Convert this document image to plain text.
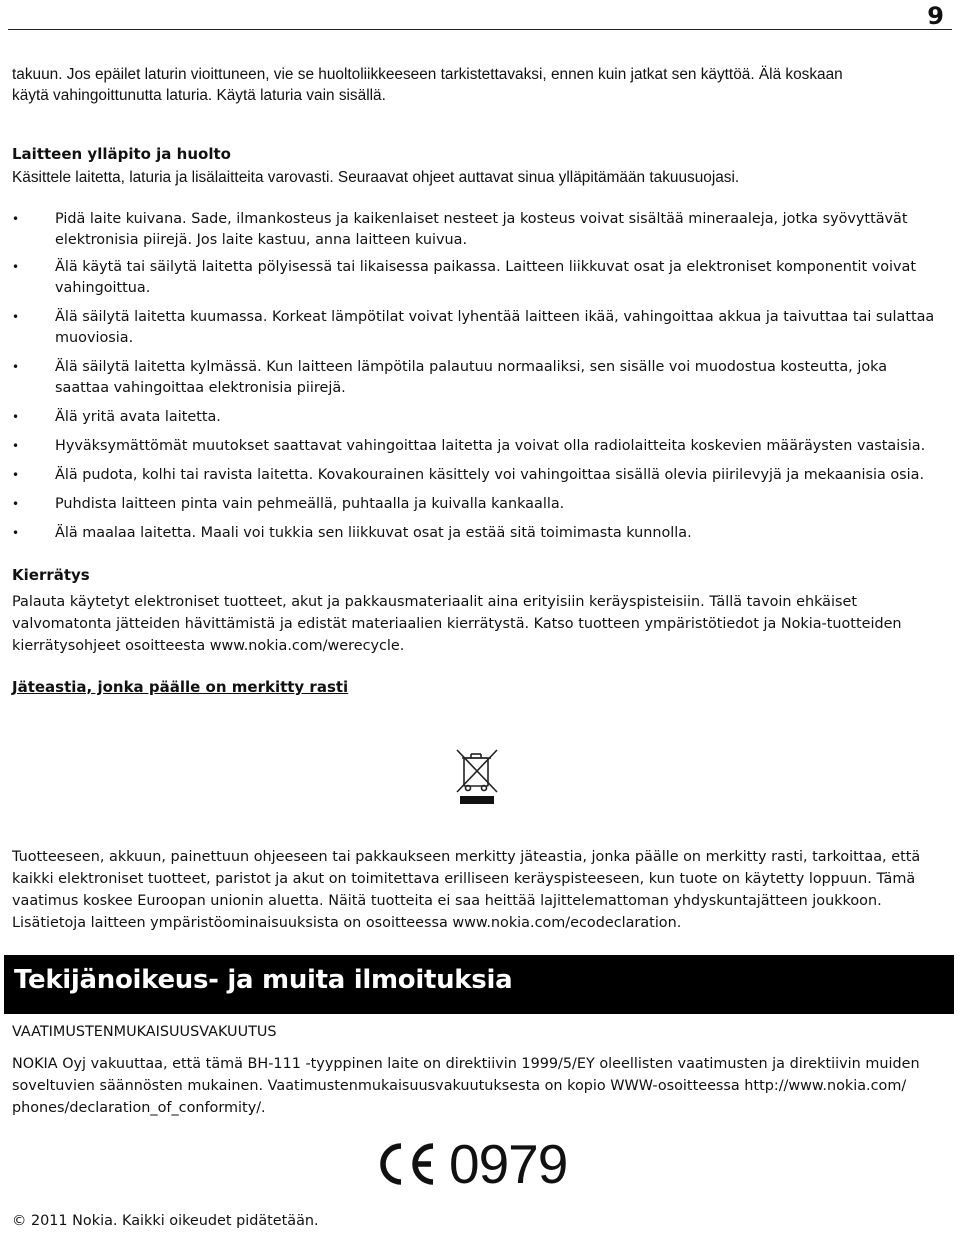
9

takuun. Jos epäilet laturin vioittuneen, vie se huoltoliikkeeseen tarkistettavaksi, ennen kuin jatkat sen käyttöä. Älä koskaan

käytä vahingoittunutta laturia. Käytä laturia vain sisällä.

Laitteen ylläpito ja huolto

Käsittele laitetta, laturia ja lisälaitteita varovasti. Seuraavat ohjeet auttavat sinua ylläpitämään takuusuojasi.

• Pidä laite kuivana. Sade, ilmankosteus ja kaikenlaiset nesteet ja kosteus voivat sisältää mineraaleja, jotka syövyttävät
elektronisia piirejä. Jos laite kastuu, anna laitteen kuivua.
• Älä käytä tai säilytä laitetta pölyisessä tai likaisessa paikassa. Laitteen liikkuvat osat ja elektroniset komponentit voivat
vahingoittua.
• Älä säilytä laitetta kuumassa. Korkeat lämpötilat voivat lyhentää laitteen ikää, vahingoittaa akkua ja taivuttaa tai sulattaa
muoviosia.
• Älä säilytä laitetta kylmässä. Kun laitteen lämpötila palautuu normaaliksi, sen sisälle voi muodostua kosteutta, joka
saattaa vahingoittaa elektronisia piirejä.
• Älä yritä avata laitetta.
• Hyväksymättömät muutokset saattavat vahingoittaa laitetta ja voivat olla radiolaitteita koskevien määräysten vastaisia.
• Älä pudota, kolhi tai ravista laitetta. Kovakourainen käsittely voi vahingoittaa sisällä olevia piirilevyjä ja mekaanisia osia.
• Puhdista laitteen pinta vain pehmeällä, puhtaalla ja kuivalla kankaalla.
• Älä maalaa laitetta. Maali voi tukkia sen liikkuvat osat ja estää sitä toimimasta kunnolla.

Kierrätys

Palauta käytetyt elektroniset tuotteet, akut ja pakkausmateriaalit aina erityisiin keräyspisteisiin. Tällä tavoin ehkäiset

valvomatonta jätteiden hävittämistä ja edistät materiaalien kierrätystä. Katso tuotteen ympäristötiedot ja Nokia-tuotteiden

kierrätysohjeet osoitteesta www.nokia.com/werecycle.

Jäteastia, jonka päälle on merkitty rasti

Tuotteeseen, akkuun, painettuun ohjeeseen tai pakkaukseen merkitty jäteastia, jonka päälle on merkitty rasti, tarkoittaa, että

kaikki elektroniset tuotteet, paristot ja akut on toimitettava erilliseen keräyspisteeseen, kun tuote on käytetty loppuun. Tämä

vaatimus koskee Euroopan unionin aluetta. Näitä tuotteita ei saa heittää lajittelemattoman yhdyskuntajätteen joukkoon.

Lisätietoja laitteen ympäristöominaisuuksista on osoitteessa www.nokia.com/ecodeclaration.

Tekijänoikeus- ja muita ilmoituksia

VAATIMUSTENMUKAISUUSVAKUUTUS

NOKIA Oyj vakuuttaa, että tämä BH-111 -tyyppinen laite on direktiivin 1999/5/EY oleellisten vaatimusten ja direktiivin muiden

soveltuvien säännösten mukainen. Vaatimustenmukaisuusvakuutuksesta on kopio WWW-osoitteessa http://www.nokia.com/

phones/declaration_of_conformity/.

0979
© 2011 Nokia. Kaikki oikeudet pidätetään.
